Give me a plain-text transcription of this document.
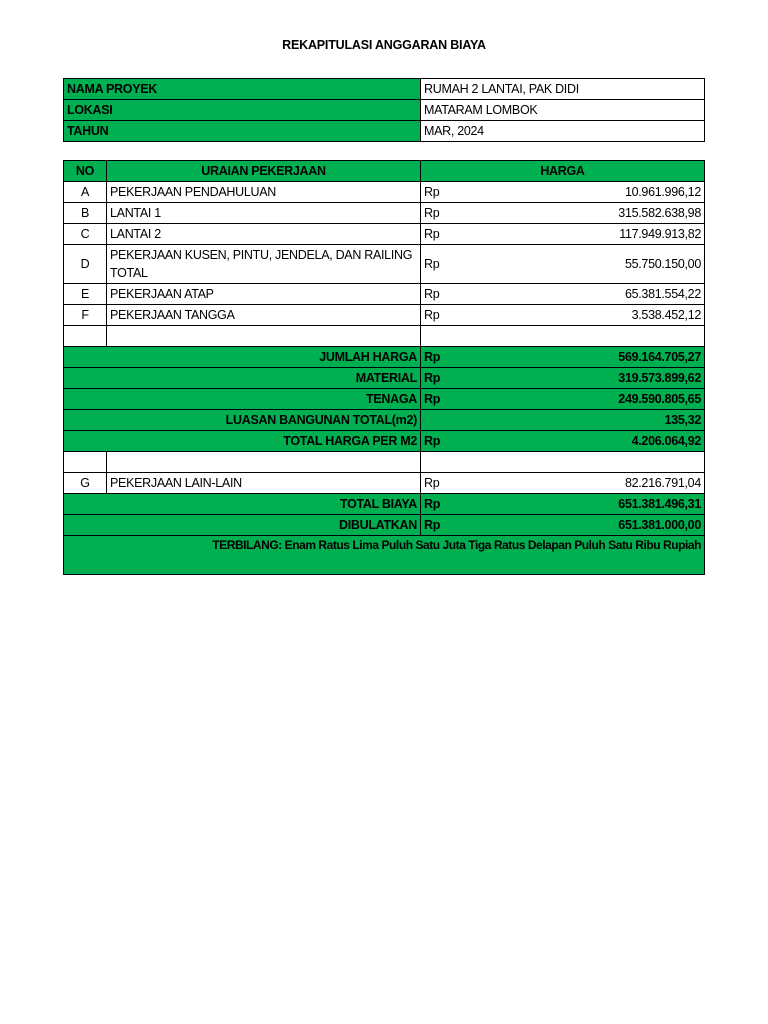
REKAPITULASI ANGGARAN BIAYA
NAMA PROYEK	RUMAH 2 LANTAI, PAK DIDI
LOKASI	MATARAM LOMBOK
TAHUN	MAR, 2024
NO	URAIAN PEKERJAAN	HARGA	
A	PEKERJAAN PENDAHULUAN	Rp	10.961.996,12
B	LANTAI 1	Rp	315.582.638,98
C	LANTAI 2	Rp	117.949.913,82
D	PEKERJAAN KUSEN, PINTU, JENDELA, DAN RAILING TOTAL	Rp	55.750.150,00
E	PEKERJAAN ATAP	Rp	65.381.554,22
F	PEKERJAAN TANGGA	Rp	3.538.452,12

JUMLAH HARGA		Rp	569.164.705,27
MATERIAL		Rp	319.573.899,62
TENAGA		Rp	249.590.805,65
LUASAN BANGUNAN TOTAL(m2)		135,32	
TOTAL HARGA PER M2		Rp	4.206.064,92

G	PEKERJAAN LAIN-LAIN	Rp	82.216.791,04
TOTAL BIAYA		Rp	651.381.496,31
DIBULATKAN		Rp	651.381.000,00
TERBILANG: Enam Ratus Lima Puluh Satu Juta Tiga Ratus Delapan Puluh Satu Ribu Rupiah			
